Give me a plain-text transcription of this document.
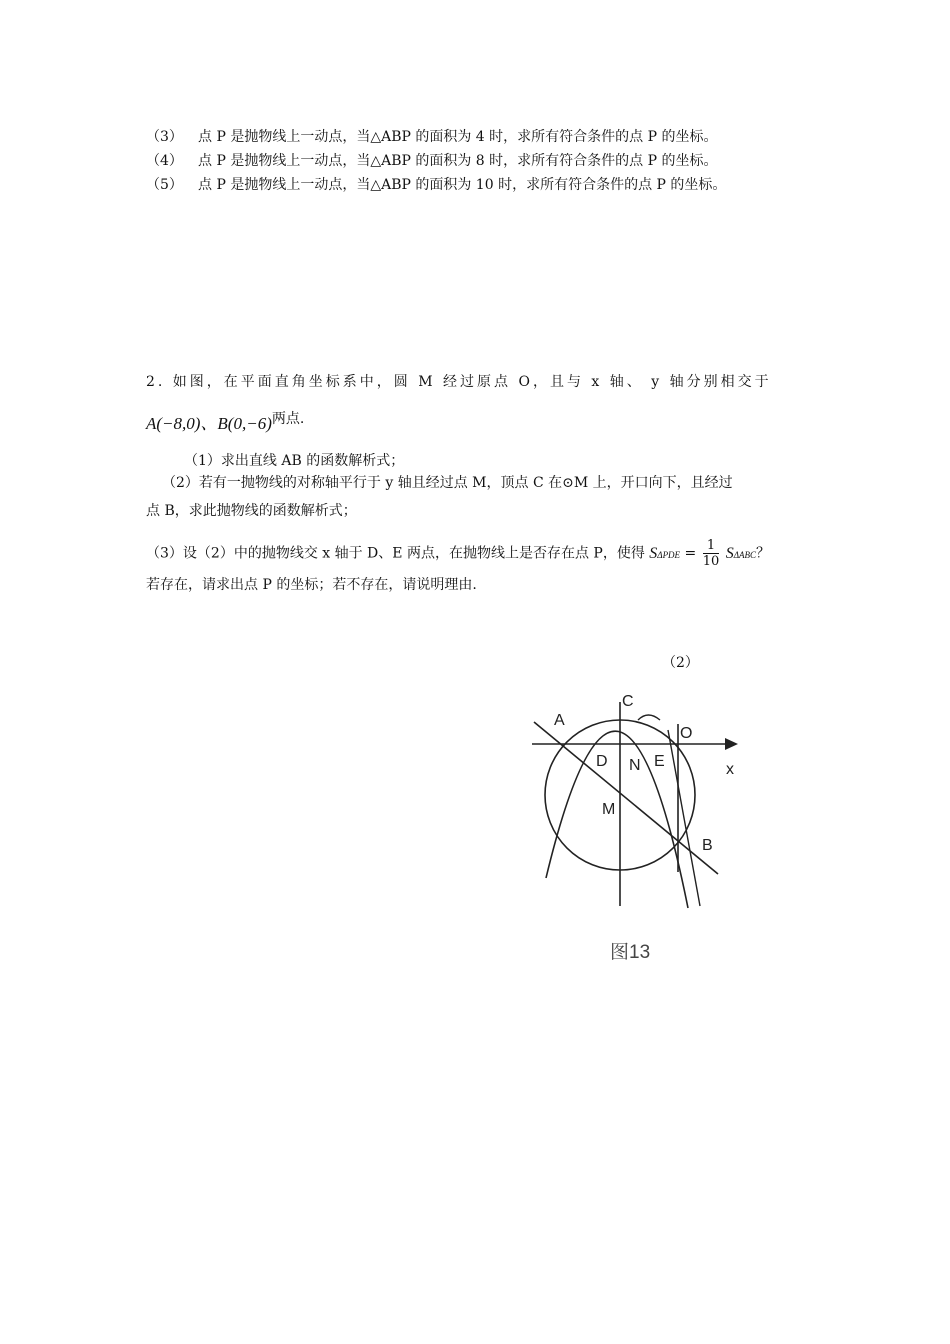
（3） 点 P 是抛物线上一动点，当△ABP 的面积为 4 时，求所有符合条件的点 P 的坐标。
（4） 点 P 是抛物线上一动点，当△ABP 的面积为 8 时，求所有符合条件的点 P 的坐标。
（5） 点 P 是抛物线上一动点，当△ABP 的面积为 10 时，求所有符合条件的点 P 的坐标。
2. 如图，在平面直角坐标系中，圆 M 经过原点 O，且与 x 轴、 y 轴分别相交于
A(−8,0)、B(0,−6)两点.
（1）求出直线 AB 的函数解析式；
（2）若有一抛物线的对称轴平行于 y 轴且经过点 M，顶点 C 在⊙M 上，开口向下，且经过
点 B，求此抛物线的函数解析式；
（3）设（2）中的抛物线交 x 轴于 D、E 两点，在抛物线上是否存在点 P，使得 $S\Delta PDE = \frac{1}{10}$ SΔABC？
若存在，请求出点 P 的坐标；若不存在，请说明理由.
（2）
A
C
O
D N E	x
M
B
图13
